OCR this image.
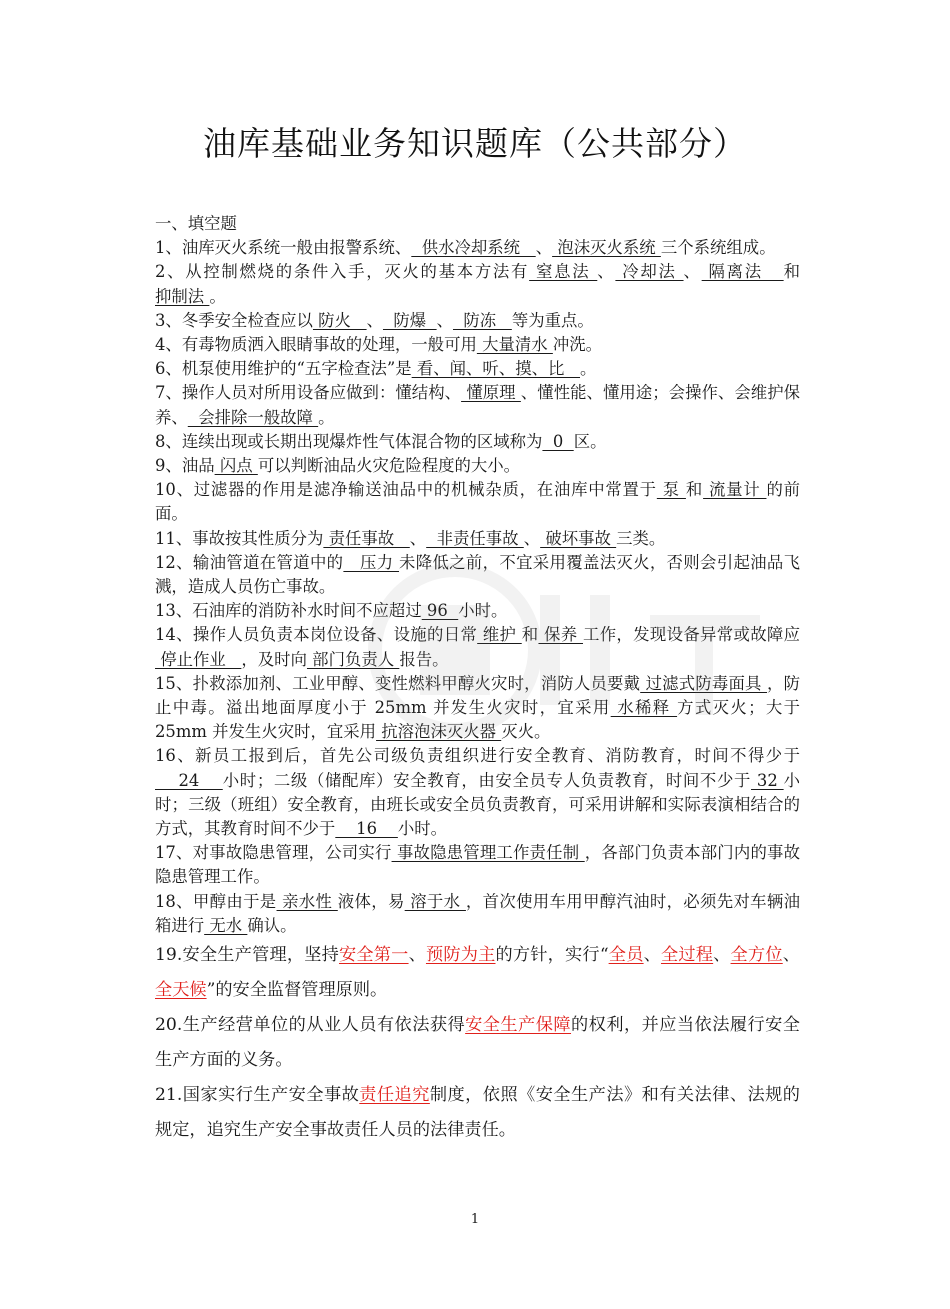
油库基础业务知识题库（公共部分）

一、填空题

1、油库灭火系统一般由报警系统、  供水冷却系统   、 泡沫灭火系统 三个系统组成。

2、从控制燃烧的条件入手，灭火的基本方法有 窒息法 、 冷却法 、 隔离法   和抑制法 。

3、冬季安全检查应以 防火   、  防爆  、  防冻   等为重点。

4、有毒物质洒入眼睛事故的处理，一般可用 大量清水 冲洗。

6、机泵使用维护的“五字检查法”是 看、闻、听、摸、比   。

7、操作人员对所用设备应做到：懂结构、 懂原理 、懂性能、懂用途；会操作、会维护保养、  会排除一般故障 。

8、连续出现或长期出现爆炸性气体混合物的区域称为  0  区。

9、油品 闪点 可以判断油品火灾危险程度的大小。

10、过滤器的作用是滤净输送油品中的机械杂质，在油库中常置于 泵 和 流量计 的前面。

11、事故按其性质分为 责任事故   、  非责任事故 、 破坏事故 三类。

12、输油管道在管道中的   压力 未降低之前，不宜采用覆盖法灭火，否则会引起油品飞溅，造成人员伤亡事故。

13、石油库的消防补水时间不应超过 96  小时。

14、操作人员负责本岗位设备、设施的日常 维护 和 保养 工作，发现设备异常或故障应 停止作业   ，及时向 部门负责人 报告。

15、扑救添加剂、工业甲醇、变性燃料甲醇火灾时，消防人员要戴 过滤式防毒面具 ，防止中毒。溢出地面厚度小于 25mm 并发生火灾时，宜采用 水稀释 方式灭火；大于 25mm 并发生火灾时，宜采用 抗溶泡沫灭火器 灭火。

16、新员工报到后，首先公司级负责组织进行安全教育、消防教育，时间不得少于    24    小时；二级（储配库）安全教育，由安全员专人负责教育，时间不少于 32 小时；三级（班组）安全教育，由班长或安全员负责教育，可采用讲解和实际表演相结合的方式，其教育时间不少于    16    小时。

17、对事故隐患管理，公司实行 事故隐患管理工作责任制 ，各部门负责本部门内的事故隐患管理工作。

18、甲醇由于是 亲水性 液体，易 溶于水 ，首次使用车用甲醇汽油时，必须先对车辆油箱进行 无水 确认。

19.安全生产管理，坚持安全第一、预防为主的方针，实行“全员、全过程、全方位、全天候”的安全监督管理原则。

20.生产经营单位的从业人员有依法获得安全生产保障的权利，并应当依法履行安全生产方面的义务。

21.国家实行生产安全事故责任追究制度，依照《安全生产法》和有关法律、法规的规定，追究生产安全事故责任人员的法律责任。

1
